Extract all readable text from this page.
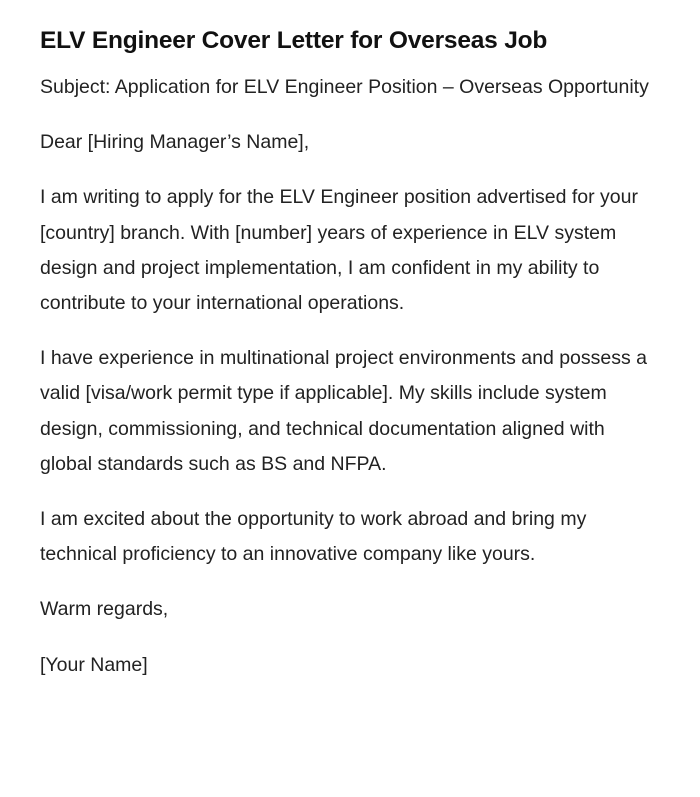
ELV Engineer Cover Letter for Overseas Job

Subject: Application for ELV Engineer Position – Overseas Opportunity

Dear [Hiring Manager’s Name],

I am writing to apply for the ELV Engineer position advertised for your [country] branch. With [number] years of experience in ELV system design and project implementation, I am confident in my ability to contribute to your international operations.

I have experience in multinational project environments and possess a valid [visa/work permit type if applicable]. My skills include system design, commissioning, and technical documentation aligned with global standards such as BS and NFPA.

I am excited about the opportunity to work abroad and bring my technical proficiency to an innovative company like yours.

Warm regards,

[Your Name]
